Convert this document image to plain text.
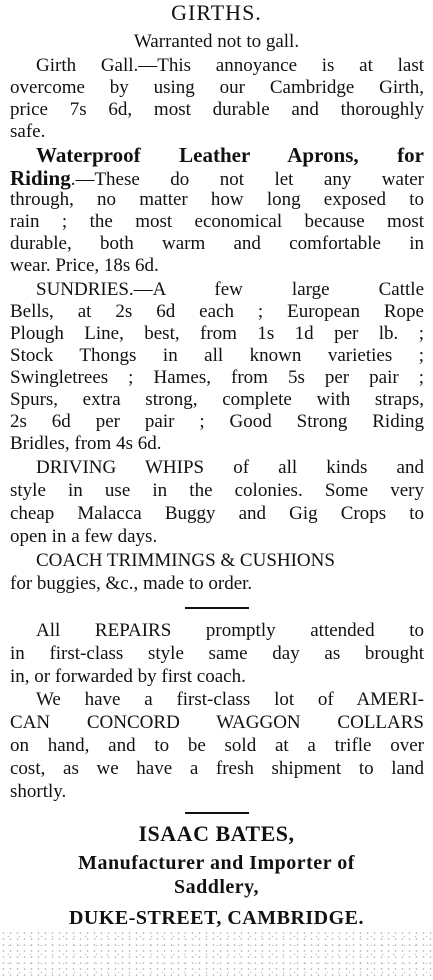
GIRTHS.
Warranted not to gall.
Girth Gall.—This annoyance is at last
overcome by using our Cambridge Girth,
price 7s 6d, most durable and thoroughly
safe.
Waterproof Leather Aprons, for
Riding.—These do not let any water
through, no matter how long exposed to
rain ; the most economical because most
durable, both warm and comfortable in
wear. Price, 18s 6d.
SUNDRIES.—A few large Cattle
Bells, at 2s 6d each ; European Rope
Plough Line, best, from 1s 1d per lb. ;
Stock Thongs in all known varieties ;
Swingletrees ; Hames, from 5s per pair ;
Spurs, extra strong, complete with straps,
2s 6d per pair ; Good Strong Riding
Bridles, from 4s 6d.
DRIVING WHIPS of all kinds and
style in use in the colonies. Some very
cheap Malacca Buggy and Gig Crops to
open in a few days.
COACH TRIMMINGS & CUSHIONS
for buggies, &c., made to order.
All REPAIRS promptly attended to
in first-class style same day as brought
in, or forwarded by first coach.
We have a first-class lot of AMERI-
CAN CONCORD WAGGON COLLARS
on hand, and to be sold at a trifle over
cost, as we have a fresh shipment to land
shortly.
ISAAC BATES,
Manufacturer and Importer of
Saddlery,
DUKE-STREET, CAMBRIDGE.
